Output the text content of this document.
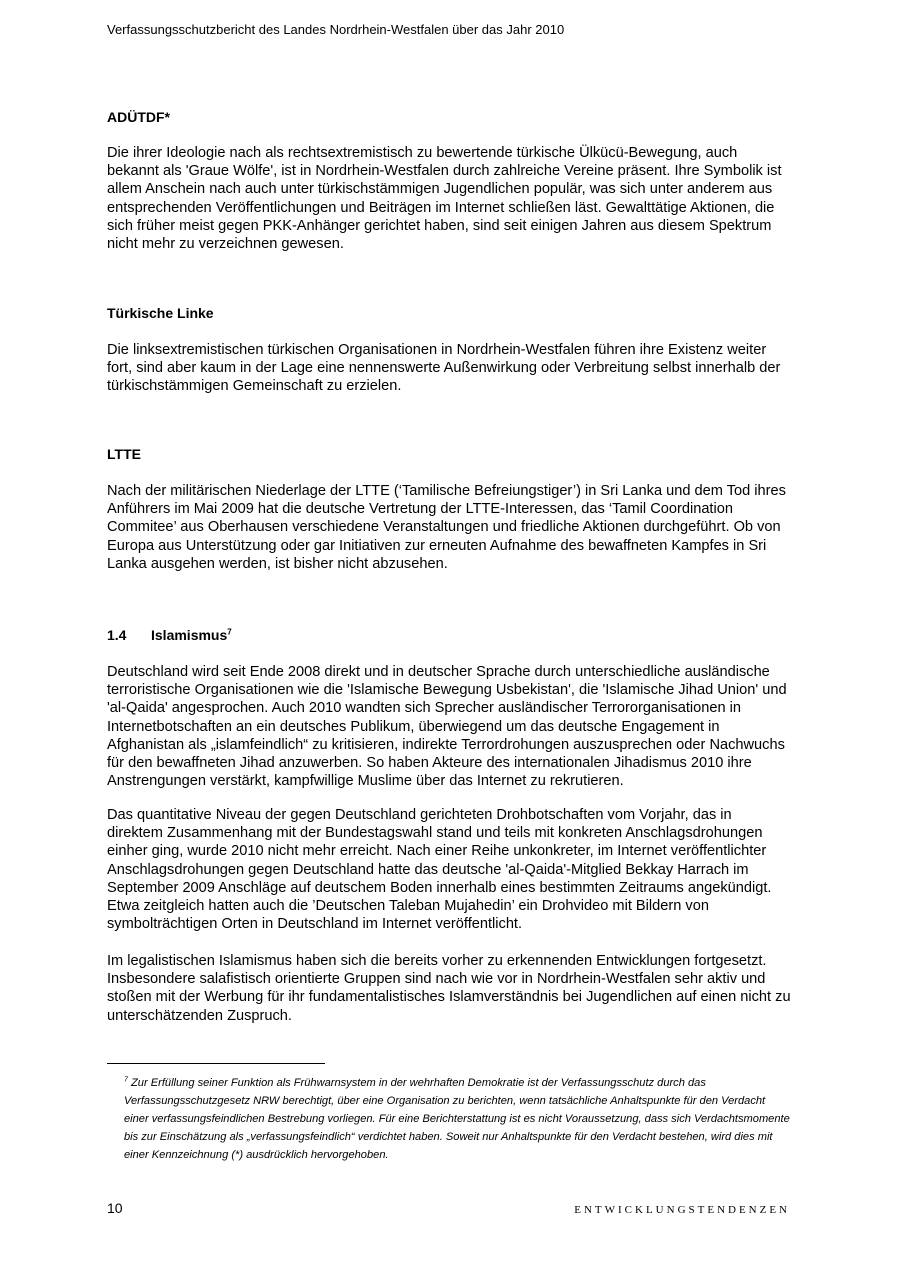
Verfassungsschutzbericht des Landes Nordrhein-Westfalen über das Jahr 2010
ADÜTDF*

Die ihrer Ideologie nach als rechtsextremistisch zu bewertende türkische Ülkücü-Bewegung, auch bekannt als 'Graue Wölfe', ist in Nordrhein-Westfalen durch zahlreiche Vereine präsent. Ihre Symbolik ist allem Anschein nach auch unter türkischstämmigen Jugendlichen populär, was sich unter anderem aus entsprechenden Veröffentlichungen und Beiträgen im Internet schließen läst. Gewalttätige Aktionen, die sich früher meist gegen PKK-Anhänger gerichtet haben, sind seit einigen Jahren aus diesem Spektrum nicht mehr zu verzeichnen gewesen.

Türkische Linke

Die linksextremistischen türkischen Organisationen in Nordrhein-Westfalen führen ihre Existenz weiter fort, sind aber kaum in der Lage eine nennenswerte Außenwirkung oder Verbreitung selbst innerhalb der türkischstämmigen Gemeinschaft zu erzielen.

LTTE

Nach der militärischen Niederlage der LTTE (‘Tamilische Befreiungstiger’) in Sri Lanka und dem Tod ihres Anführers im Mai 2009 hat die deutsche Vertretung der LTTE-Interessen, das ‘Tamil Coordination Commitee’ aus Oberhausen verschiedene Veranstaltungen und friedliche Aktionen durchgeführt. Ob von Europa aus Unterstützung oder gar Initiativen zur erneuten Aufnahme des bewaffneten Kampfes in Sri Lanka ausgehen werden, ist bisher nicht abzusehen.

1.4 Islamismus$^7$

Deutschland wird seit Ende 2008 direkt und in deutscher Sprache durch unterschiedliche ausländische terroristische Organisationen wie die 'Islamische Bewegung Usbekistan', die 'Islamische Jihad Union' und 'al-Qaida' angesprochen. Auch 2010 wandten sich Sprecher ausländischer Terrororganisationen in Internetbotschaften an ein deutsches Publikum, überwiegend um das deutsche Engagement in Afghanistan als „islamfeindlich“ zu kritisieren, indirekte Terrordrohungen auszusprechen oder Nachwuchs für den bewaffneten Jihad anzuwerben. So haben Akteure des internationalen Jihadismus 2010 ihre Anstrengungen verstärkt, kampfwillige Muslime über das Internet zu rekrutieren.

Das quantitative Niveau der gegen Deutschland gerichteten Drohbotschaften vom Vorjahr, das in direktem Zusammenhang mit der Bundestagswahl stand und teils mit konkreten Anschlagsdrohungen einher ging, wurde 2010 nicht mehr erreicht. Nach einer Reihe unkonkreter, im Internet veröffentlichter Anschlagsdrohungen gegen Deutschland hatte das deutsche 'al-Qaida'-Mitglied Bekkay Harrach im September 2009 Anschläge auf deutschem Boden innerhalb eines bestimmten Zeitraums angekündigt. Etwa zeitgleich hatten auch die ’Deutschen Taleban Mujahedin’ ein Drohvideo mit Bildern von symbolträchtigen Orten in Deutschland im Internet veröffentlicht.

Im legalistischen Islamismus haben sich die bereits vorher zu erkennenden Entwicklungen fortgesetzt. Insbesondere salafistisch orientierte Gruppen sind nach wie vor in Nordrhein-Westfalen sehr aktiv und stoßen mit der Werbung für ihr fundamentalistisches Islamverständnis bei Jugendlichen auf einen nicht zu unterschätzenden Zuspruch.

$^7$ Zur Erfüllung seiner Funktion als Frühwarnsystem in der wehrhaften Demokratie ist der Verfassungsschutz durch das Verfassungsschutzgesetz NRW berechtigt, über eine Organisation zu berichten, wenn tatsächliche Anhaltspunkte für den Verdacht einer verfassungsfeindlichen Bestrebung vorliegen. Für eine Berichterstattung ist es nicht Voraussetzung, dass sich Verdachtsmomente bis zur Einschätzung als „verfassungsfeindlich“ verdichtet haben. Soweit nur Anhaltspunkte für den Verdacht bestehen, wird dies mit einer Kennzeichnung (*) ausdrücklich hervorgehoben.

10	ENTWICKLUNGSTENDENZEN
